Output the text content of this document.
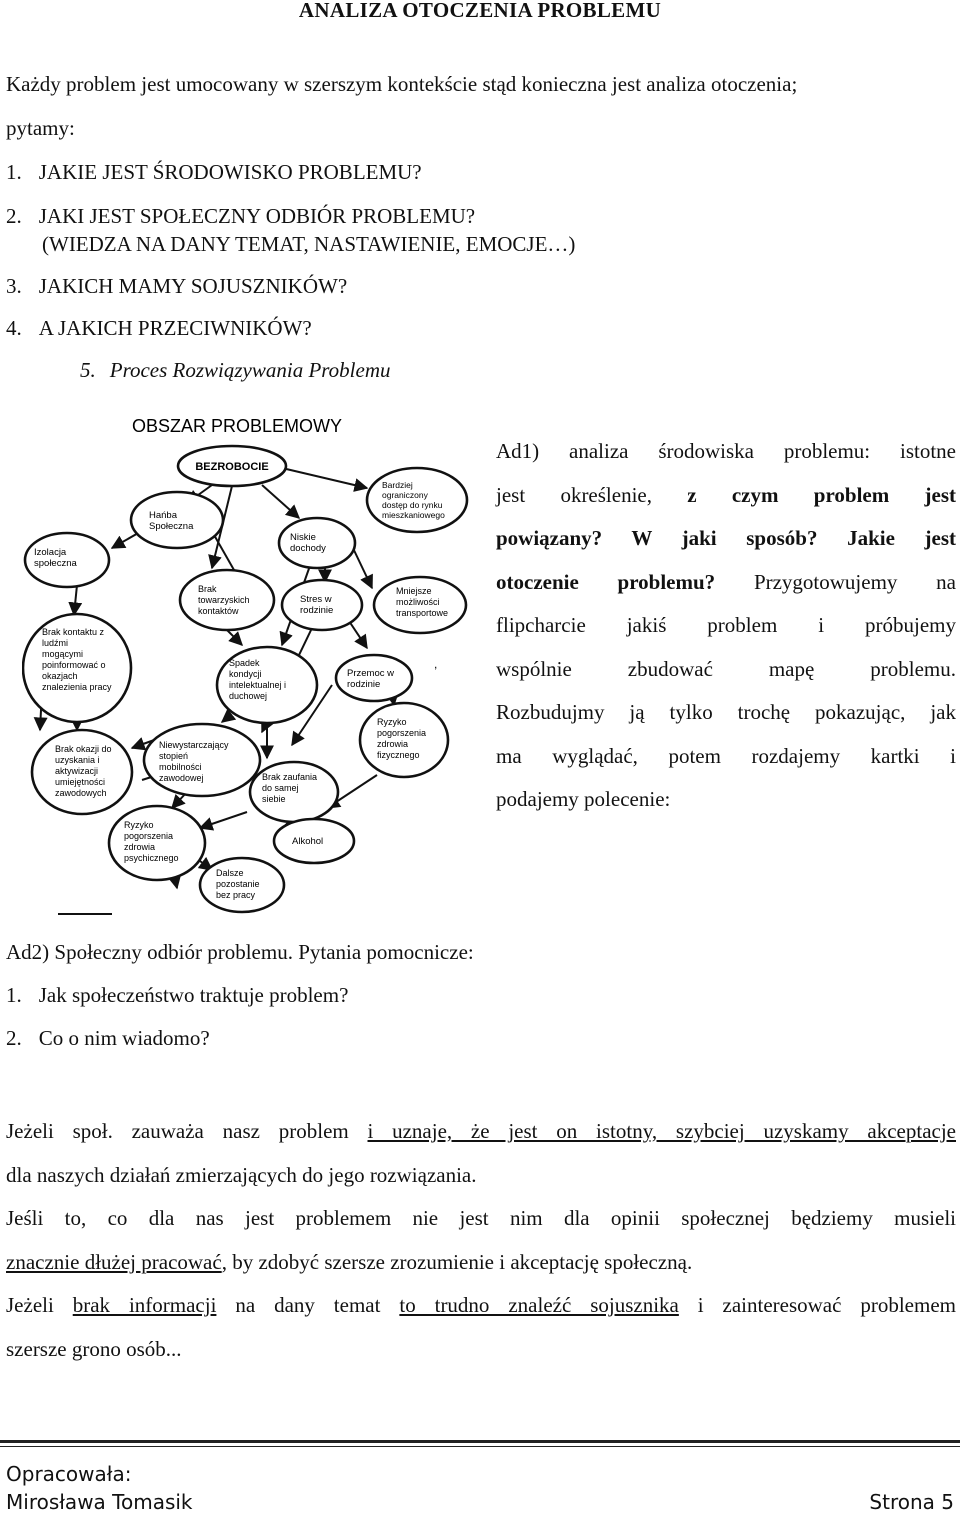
ANALIZA OTOCZENIA PROBLEMU
Każdy problem jest umocowany w szerszym kontekście stąd konieczna jest analiza otoczenia;
pytamy:
1. JAKIE JEST ŚRODOWISKO PROBLEMU?
2. JAKI JEST SPOŁECZNY ODBIÓR PROBLEMU?
(WIEDZA NA DANY TEMAT, NASTAWIENIE, EMOCJE…)
3. JAKICH MAMY SOJUSZNIKÓW?
4. A JAKICH PRZECIWNIKÓW?
5. Proces Rozwiązywania Problemu
OBSZAR PROBLEMOWY
BEZROBOCIE
Hańba Społeczna
Izolacja społeczna
Brak kontaktu z ludźmi mogącymi poinformować o okazjach znalezienia pracy
Brak towarzyskich kontaktów
Niskie dochody
Bardziej ograniczony dostęp do rynku mieszkaniowego
Stres w rodzinie
Mniejsze możliwości transportowe
Spadek kondycji intelektualnej i duchowej
Przemoc w rodzinie
,
Brak okazji do uzyskania i aktywizacji umiejętności zawodowych
Niewystarczający stopień mobilności zawodowej
Ryzyko pogorszenia zdrowia fizycznego
Brak zaufania do samej siebie
Ryzyko pogorszenia zdrowia psychicznego
Alkohol
Dalsze pozostanie bez pracy
Ad1) analiza środowiska problemu: istotne
jest określenie, z czym problem jest
powiązany? W jaki sposób? Jakie jest
otoczenie problemu? Przygotowujemy na
flipcharcie jakiś problem i próbujemy
wspólnie zbudować mapę problemu.
Rozbudujmy ją tylko trochę pokazując, jak
ma wyglądać, potem rozdajemy kartki i
podajemy polecenie:
Ad2) Społeczny odbiór problemu. Pytania pomocnicze:
1. Jak społeczeństwo traktuje problem?
2. Co o nim wiadomo?
Jeżeli społ. zauważa nasz problem i uznaje, że jest on istotny, szybciej uzyskamy akceptacje
dla naszych działań zmierzających do jego rozwiązania.
Jeśli to, co dla nas jest problemem nie jest nim dla opinii społecznej będziemy musieli
znacznie dłużej pracować, by zdobyć szersze zrozumienie i akceptację społeczną.
Jeżeli brak informacji na dany temat to trudno znaleźć sojusznika i zainteresować problemem
szersze grono osób...
Opracowała:
Mirosława Tomasik	Strona 5
